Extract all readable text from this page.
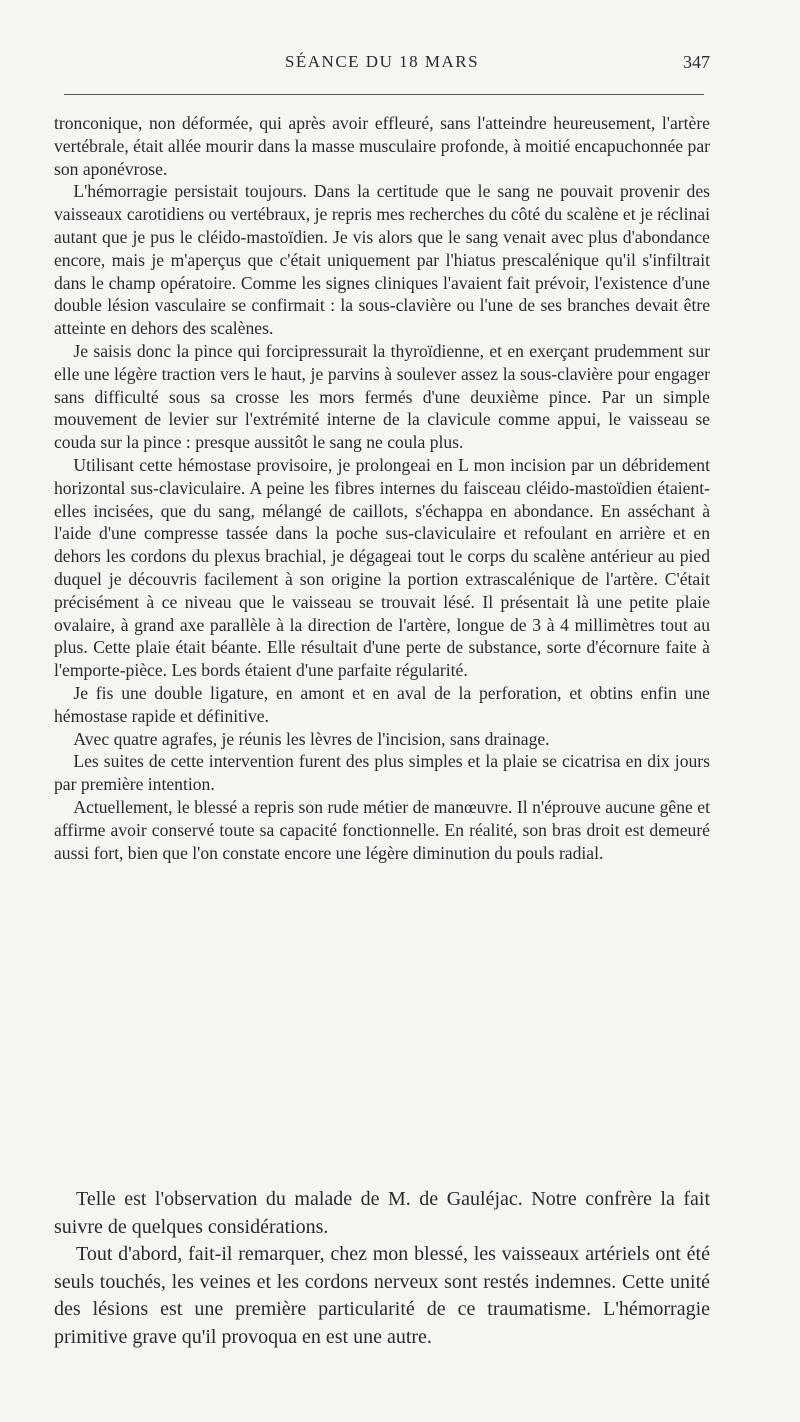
SÉANCE DU 18 MARS	347

tronconique, non déformée, qui après avoir effleuré, sans l'atteindre heureusement, l'artère vertébrale, était allée mourir dans la masse musculaire profonde, à moitié encapuchonnée par son aponévrose.

L'hémorragie persistait toujours. Dans la certitude que le sang ne pouvait provenir des vaisseaux carotidiens ou vertébraux, je repris mes recherches du côté du scalène et je réclinai autant que je pus le cléido-mastoïdien. Je vis alors que le sang venait avec plus d'abondance encore, mais je m'aperçus que c'était uniquement par l'hiatus prescalénique qu'il s'infiltrait dans le champ opératoire. Comme les signes cliniques l'avaient fait prévoir, l'existence d'une double lésion vasculaire se confirmait : la sous-clavière ou l'une de ses branches devait être atteinte en dehors des scalènes.

Je saisis donc la pince qui forcipressurait la thyroïdienne, et en exerçant prudemment sur elle une légère traction vers le haut, je parvins à soulever assez la sous-clavière pour engager sans difficulté sous sa crosse les mors fermés d'une deuxième pince. Par un simple mouvement de levier sur l'extrémité interne de la clavicule comme appui, le vaisseau se couda sur la pince : presque aussitôt le sang ne coula plus.

Utilisant cette hémostase provisoire, je prolongeai en L mon incision par un débridement horizontal sus-claviculaire. A peine les fibres internes du faisceau cléido-mastoïdien étaient-elles incisées, que du sang, mélangé de caillots, s'échappa en abondance. En asséchant à l'aide d'une compresse tassée dans la poche sus-claviculaire et refoulant en arrière et en dehors les cordons du plexus brachial, je dégageai tout le corps du scalène antérieur au pied duquel je découvris facilement à son origine la portion extrascalénique de l'artère. C'était précisément à ce niveau que le vaisseau se trouvait lésé. Il présentait là une petite plaie ovalaire, à grand axe parallèle à la direction de l'artère, longue de 3 à 4 millimètres tout au plus. Cette plaie était béante. Elle résultait d'une perte de substance, sorte d'écornure faite à l'emporte-pièce. Les bords étaient d'une parfaite régularité.

Je fis une double ligature, en amont et en aval de la perforation, et obtins enfin une hémostase rapide et définitive.

Avec quatre agrafes, je réunis les lèvres de l'incision, sans drainage.

Les suites de cette intervention furent des plus simples et la plaie se cicatrisa en dix jours par première intention.

Actuellement, le blessé a repris son rude métier de manœuvre. Il n'éprouve aucune gêne et affirme avoir conservé toute sa capacité fonctionnelle. En réalité, son bras droit est demeuré aussi fort, bien que l'on constate encore une légère diminution du pouls radial.

Telle est l'observation du malade de M. de Gauléjac. Notre confrère la fait suivre de quelques considérations.

Tout d'abord, fait-il remarquer, chez mon blessé, les vaisseaux artériels ont été seuls touchés, les veines et les cordons nerveux sont restés indemnes. Cette unité des lésions est une première particularité de ce traumatisme. L'hémorragie primitive grave qu'il provoqua en est une autre.
